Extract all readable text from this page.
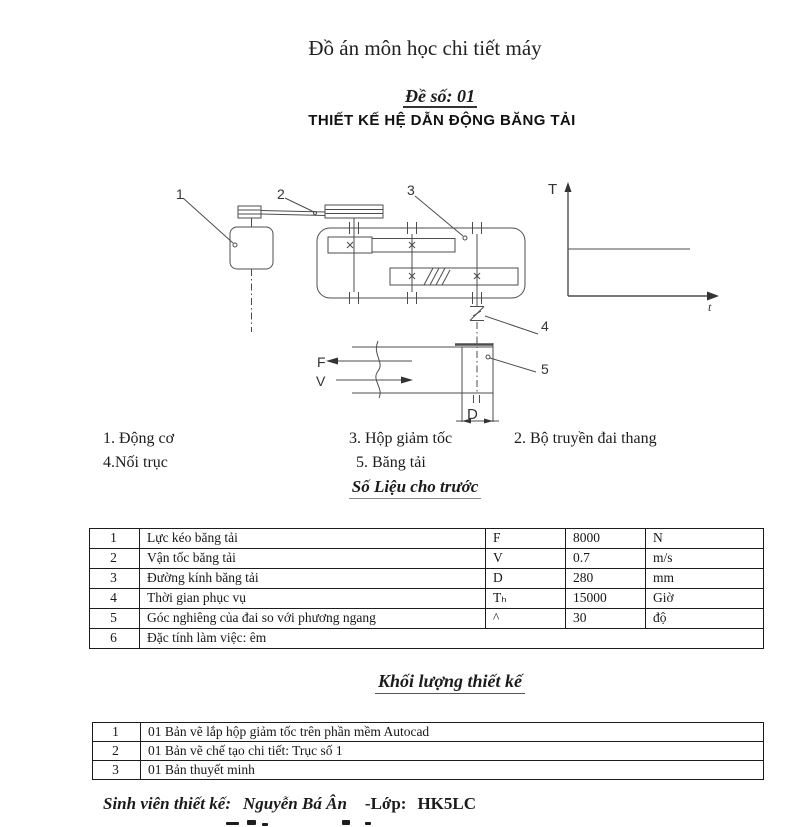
Đồ án môn học chi tiết máy
Đề số: 01
THIẾT KẾ HỆ DẪN ĐỘNG BĂNG TẢI
1	2	3
4
5
F
V
D
T
t
1. Động cơ	3. Hộp giảm tốc	2. Bộ truyền đai thang
4.Nối trục	5. Băng tải
Số Liệu cho trước
1	Lực kéo băng tải	F	8000	N
2	Vận tốc băng tải	V	0.7	m/s
3	Đường kính băng tải	D	280	mm
4	Thời gian phục vụ	Tₕ	15000	Giờ
5	Góc nghiêng của đai so với phương ngang	^	30	độ
6	Đặc tính làm việc: êm			
Khối lượng thiết kế
1	01 Bản vẽ lắp hộp giảm tốc trên phần mềm Autocad
2	01 Bản vẽ chế tạo chi tiết: Trục số 1
3	01 Bản thuyết minh
Sinh viên thiết kế: Nguyễn Bá Ân -Lớp: HK5LC
